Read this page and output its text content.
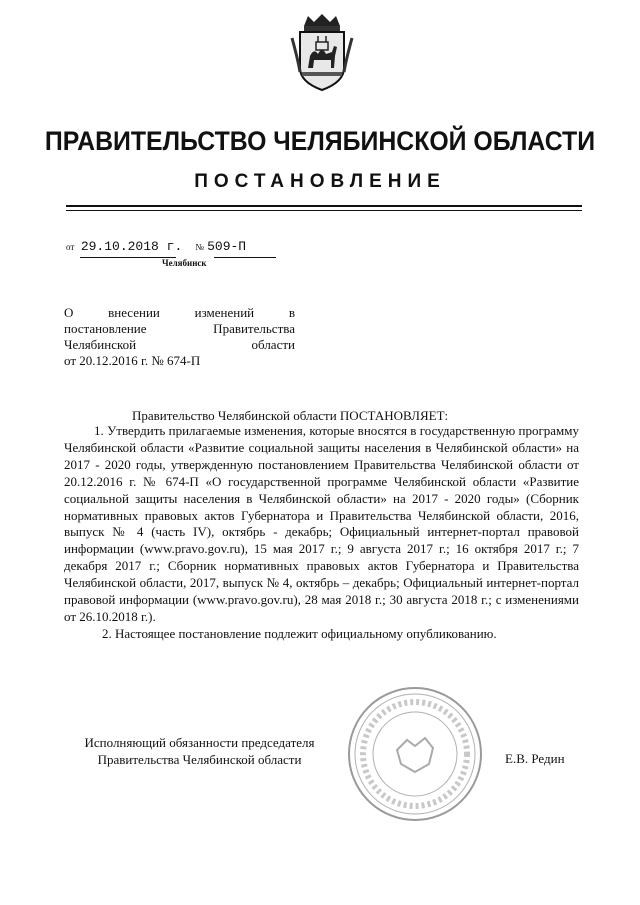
ПРАВИТЕЛЬСТВО ЧЕЛЯБИНСКОЙ ОБЛАСТИ
ПОСТАНОВЛЕНИЕ
от 29.10.2018 г. № 509-П
Челябинск
О внесении изменений в
постановление Правительства
Челябинской области
от 20.12.2016 г. № 674-П
Правительство Челябинской области ПОСТАНОВЛЯЕТ:

1. Утвердить прилагаемые изменения, которые вносятся в государственную программу Челябинской области «Развитие социальной защиты населения в Челябинской области» на 2017 - 2020 годы, утвержденную постановлением Правительства Челябинской области от 20.12.2016 г. № 674-П «О государственной программе Челябинской области «Развитие социальной защиты населения в Челябинской области» на 2017 - 2020 годы» (Сборник нормативных правовых актов Губернатора и Правительства Челябинской области, 2016, выпуск № 4 (часть IV), октябрь - декабрь; Официальный интернет-портал правовой информации (www.pravo.gov.ru), 15 мая 2017 г.; 9 августа 2017 г.; 16 октября 2017 г.; 7 декабря 2017 г.; Сборник нормативных правовых актов Губернатора и Правительства Челябинской области, 2017, выпуск № 4, октябрь – декабрь; Официальный интернет-портал правовой информации (www.pravo.gov.ru), 28 мая 2018 г.; 30 августа 2018 г.; с изменениями от 26.10.2018 г.).

2. Настоящее постановление подлежит официальному опубликованию.

Исполняющий обязанности председателя
Правительства Челябинской области	Е.В. Редин
